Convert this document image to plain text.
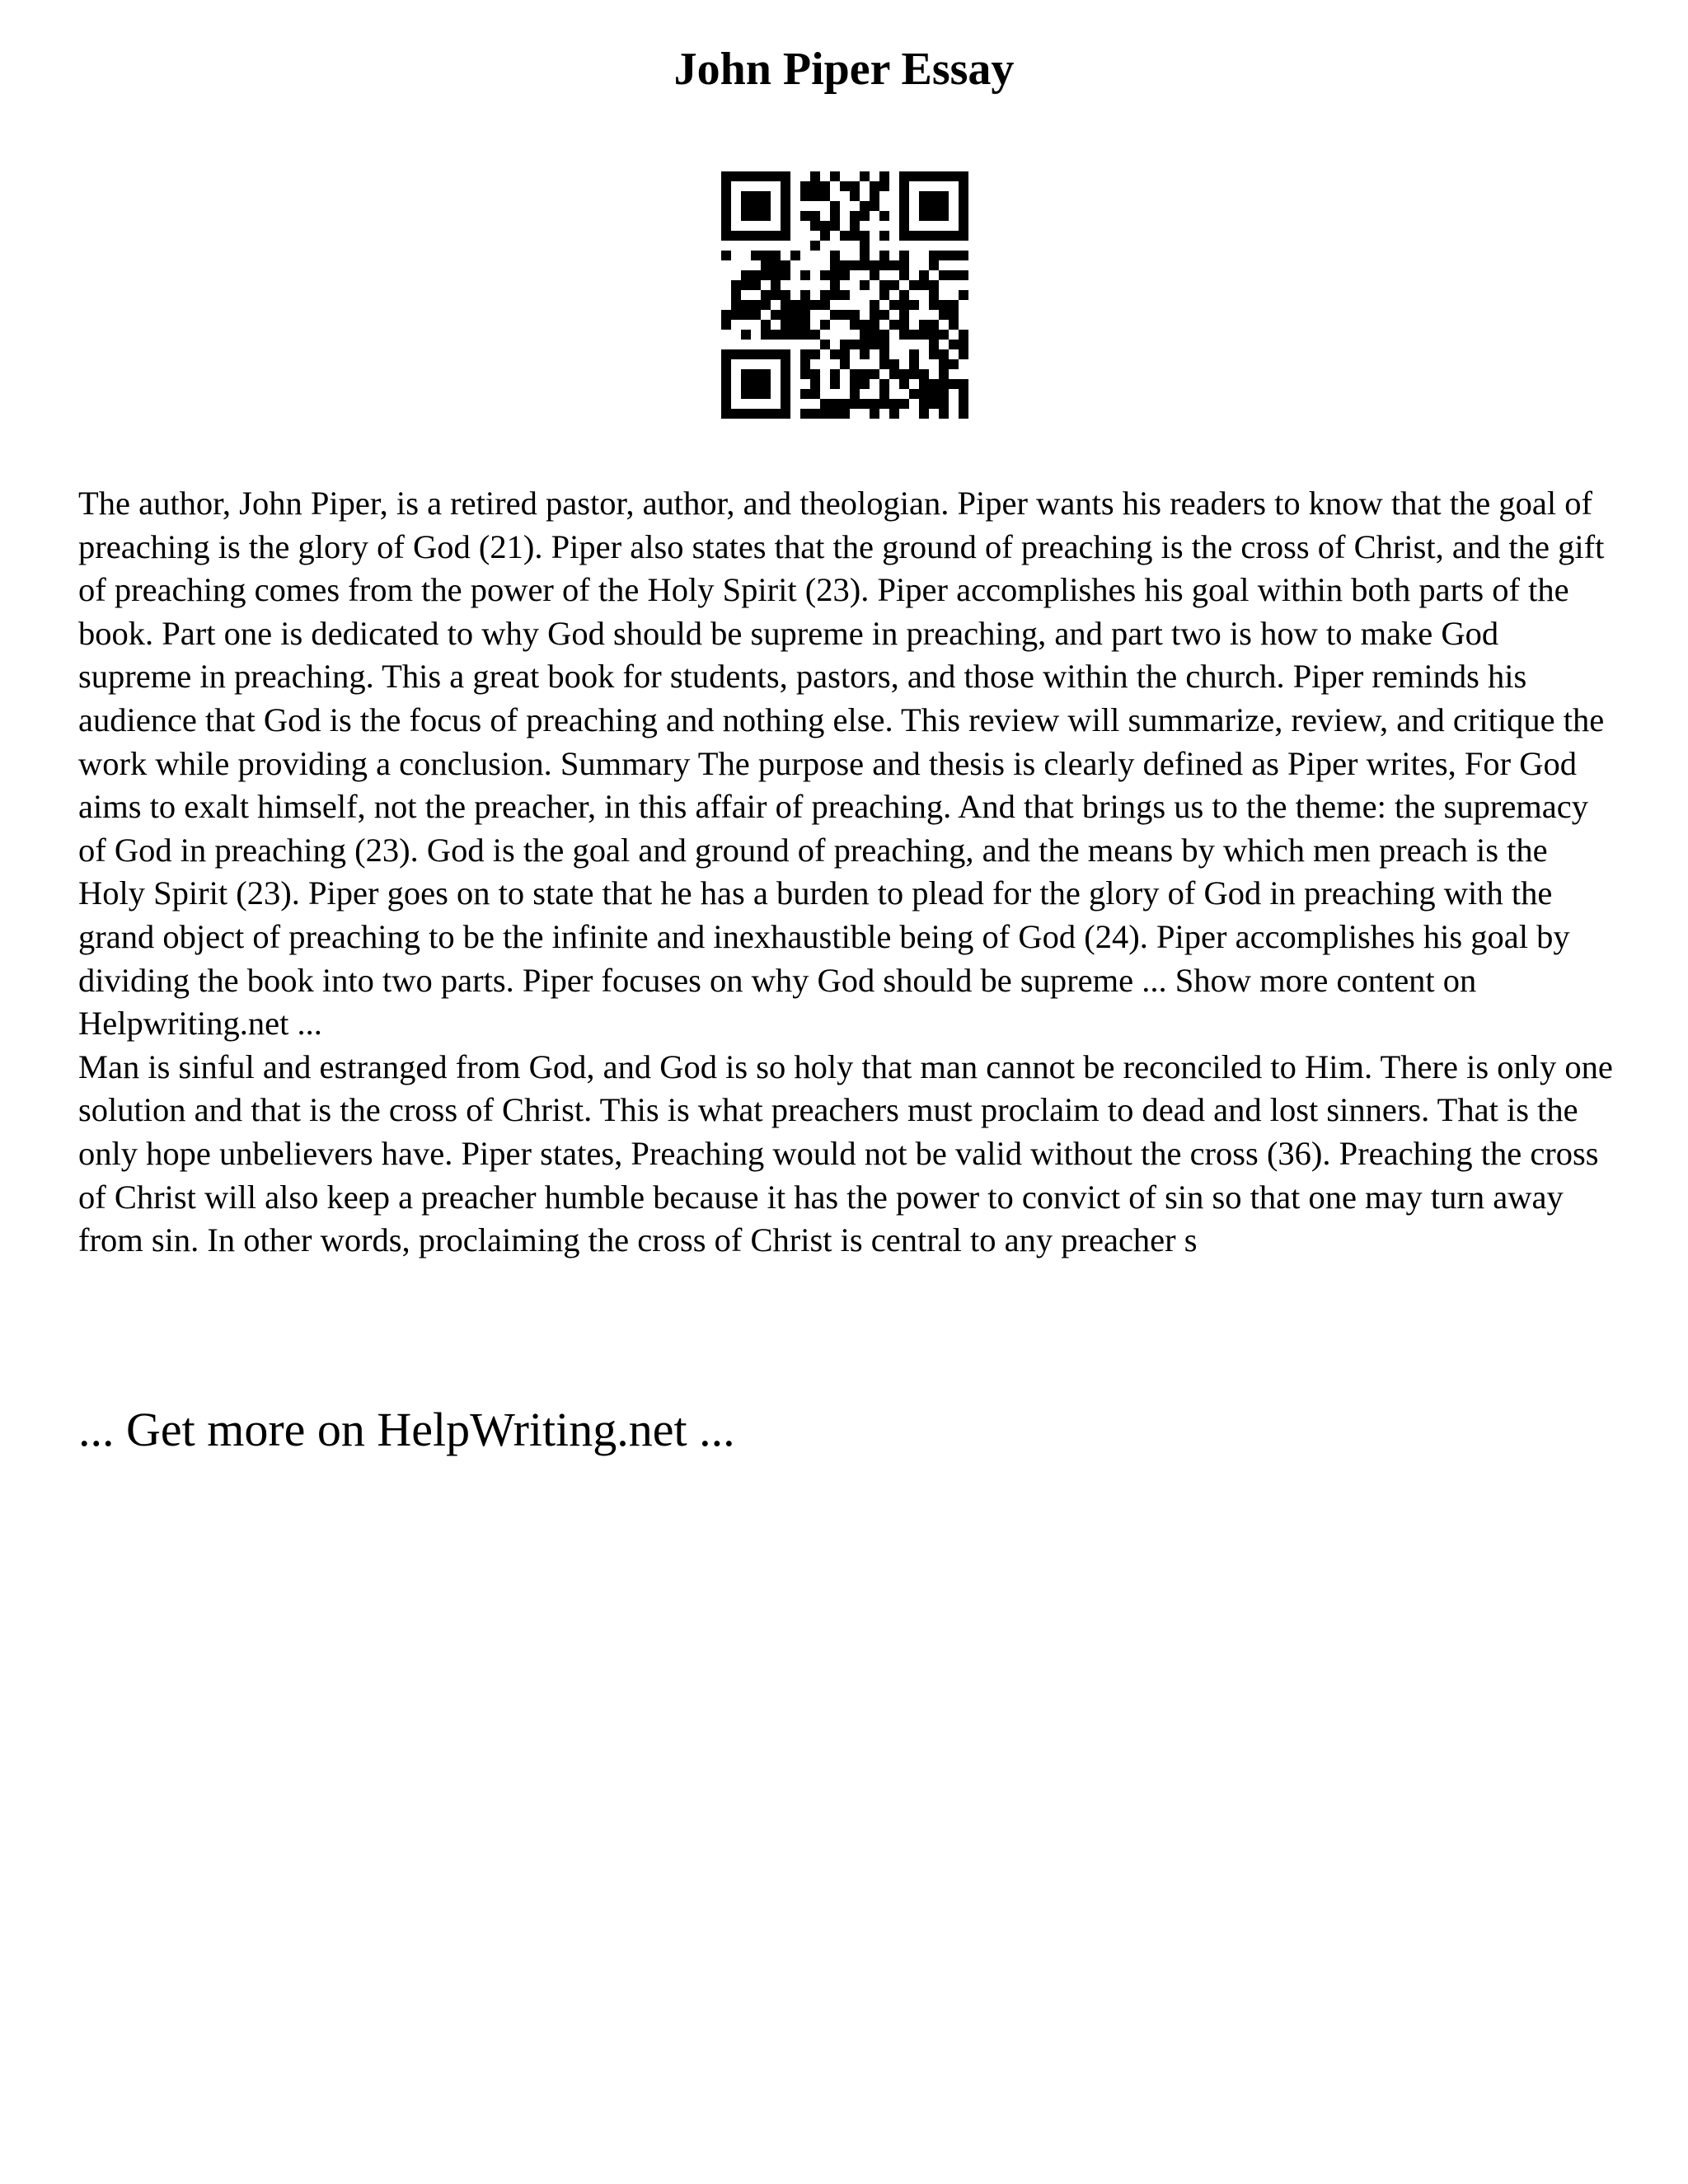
John Piper Essay

The author, John Piper, is a retired pastor, author, and theologian. Piper wants his readers to know that the goal of preaching is the glory of God (21). Piper also states that the ground of preaching is the cross of Christ, and the gift of preaching comes from the power of the Holy Spirit (23). Piper accomplishes his goal within both parts of the book. Part one is dedicated to why God should be supreme in preaching, and part two is how to make God supreme in preaching. This a great book for students, pastors, and those within the church. Piper reminds his audience that God is the focus of preaching and nothing else. This review will summarize, review, and critique the work while providing a conclusion. Summary The purpose and thesis is clearly defined as Piper writes, For God aims to exalt himself, not the preacher, in this affair of preaching. And that brings us to the theme: the supremacy of God in preaching (23). God is the goal and ground of preaching, and the means by which men preach is the Holy Spirit (23). Piper goes on to state that he has a burden to plead for the glory of God in preaching with the grand object of preaching to be the infinite and inexhaustible being of God (24). Piper accomplishes his goal by dividing the book into two parts. Piper focuses on why God should be supreme ... Show more content on Helpwriting.net ...

Man is sinful and estranged from God, and God is so holy that man cannot be reconciled to Him. There is only one solution and that is the cross of Christ. This is what preachers must proclaim to dead and lost sinners. That is the only hope unbelievers have. Piper states, Preaching would not be valid without the cross (36). Preaching the cross of Christ will also keep a preacher humble because it has the power to convict of sin so that one may turn away from sin. In other words, proclaiming the cross of Christ is central to any preacher s

... Get more on HelpWriting.net ...
